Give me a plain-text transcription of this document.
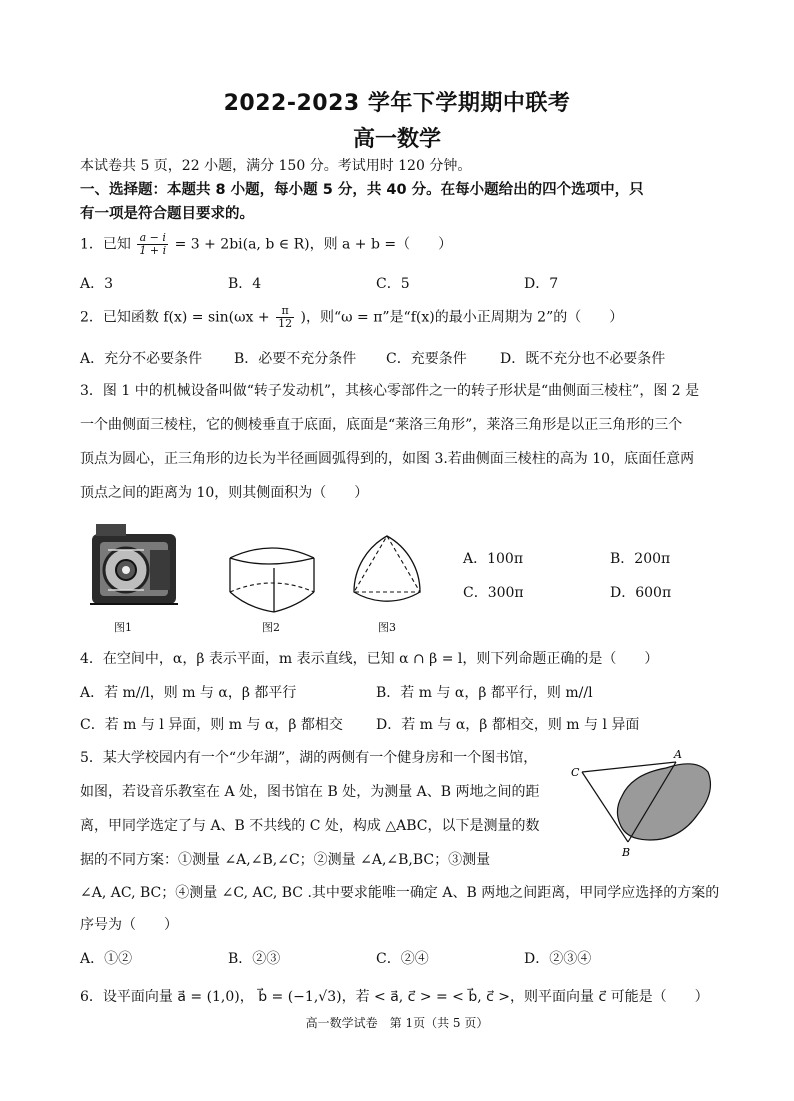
2022-2023 学年下学期期中联考
高一数学
本试卷共 5 页，22 小题，满分 150 分。考试用时 120 分钟。
一、选择题：本题共 8 小题，每小题 5 分，共 40 分。在每小题给出的四个选项中，只
有一项是符合题目要求的。
1．已知 $\frac{a - i}{1 + i} = 3 + 2bi(a$, b ∈ R)，则 a + b =（　　）
A．3	B．4	C．5	D．7
2．已知函数 $f(x) = \sin(\omega x + \frac{\pi}{12}$ )，则“ω = π”是“f(x)的最小正周期为 2”的（　　）
A．充分不必要条件 B．必要不充分条件 C．充要条件 D．既不充分也不必要条件
3．图 1 中的机械设备叫做“转子发动机”，其核心零部件之一的转子形状是“曲侧面三棱柱”，图 2 是
一个曲侧面三棱柱，它的侧棱垂直于底面，底面是“莱洛三角形”，莱洛三角形是以正三角形的三个
顶点为圆心，正三角形的边长为半径画圆弧得到的，如图 3.若曲侧面三棱柱的高为 10，底面任意两
顶点之间的距离为 10，则其侧面积为（　　）
图1	图2	图3
A．100π	B．200π
C．300π	D．600π
4．在空间中，α，β 表示平面，m 表示直线，已知 α ∩ β = l，则下列命题正确的是（　　）
A．若 m//l，则 m 与 α，β 都平行	B．若 m 与 α，β 都平行，则 m//l
C．若 m 与 l 异面，则 m 与 α，β 都相交 D．若 m 与 α，β 都相交，则 m 与 l 异面
5．某大学校园内有一个“少年湖”，湖的两侧有一个健身房和一个图书馆，
如图，若设音乐教室在 A 处，图书馆在 B 处，为测量 A、B 两地之间的距
离，甲同学选定了与 A、B 不共线的 C 处，构成 △ABC，以下是测量的数
据的不同方案：①测量 ∠A,∠B,∠C；②测量 ∠A,∠B,BC；③测量
∠A, AC, BC；④测量 ∠C, AC, BC .其中要求能唯一确定 A、B 两地之间距离，甲同学应选择的方案的
序号为（　　）
A
B
C
A．①②	B．②③	C．②④	D．②③④
6．设平面向量 a⃗ = (1,0)， b⃗ = (−1,√3)，若 < a⃗, c⃗ > = < b⃗, c⃗ >，则平面向量 c⃗ 可能是（　　）
高一数学试卷　第 1页（共 5 页）
